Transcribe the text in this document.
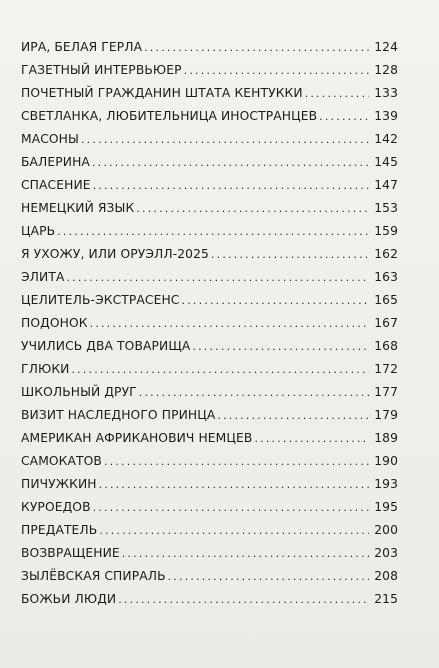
ИРА, БЕЛАЯ ГЕРЛА .....	124
ГАЗЕТНЫЙ ИНТЕРВЬЮЕР .....	128
ПОЧЕТНЫЙ ГРАЖДАНИН ШТАТА КЕНТУККИ .....	133
СВЕТЛАНКА, ЛЮБИТЕЛЬНИЦА ИНОСТРАНЦЕВ .....	139
МАСОНЫ .....	142
БАЛЕРИНА .....	145
СПАСЕНИЕ .....	147
НЕМЕЦКИЙ ЯЗЫК .....	153
ЦАРЬ .....	159
Я УХОЖУ, ИЛИ ОРУЭЛЛ-2025 .....	162
ЭЛИТА .....	163
ЦЕЛИТЕЛЬ-ЭКСТРАСЕНС .....	165
ПОДОНОК .....	167
УЧИЛИСЬ ДВА ТОВАРИЩА .....	168
ГЛЮКИ .....	172
ШКОЛЬНЫЙ ДРУГ .....	177
ВИЗИТ НАСЛЕДНОГО ПРИНЦА .....	179
АМЕРИКАН АФРИКАНОВИЧ НЕМЦЕВ .....	189
САМОКАТОВ .....	190
ПИЧУЖКИН .....	193
КУРОЕДОВ .....	195
ПРЕДАТЕЛЬ .....	200
ВОЗВРАЩЕНИЕ .....	203
ЗЫЛЁВСКАЯ СПИРАЛЬ .....	208
БОЖЬИ ЛЮДИ .....	215
